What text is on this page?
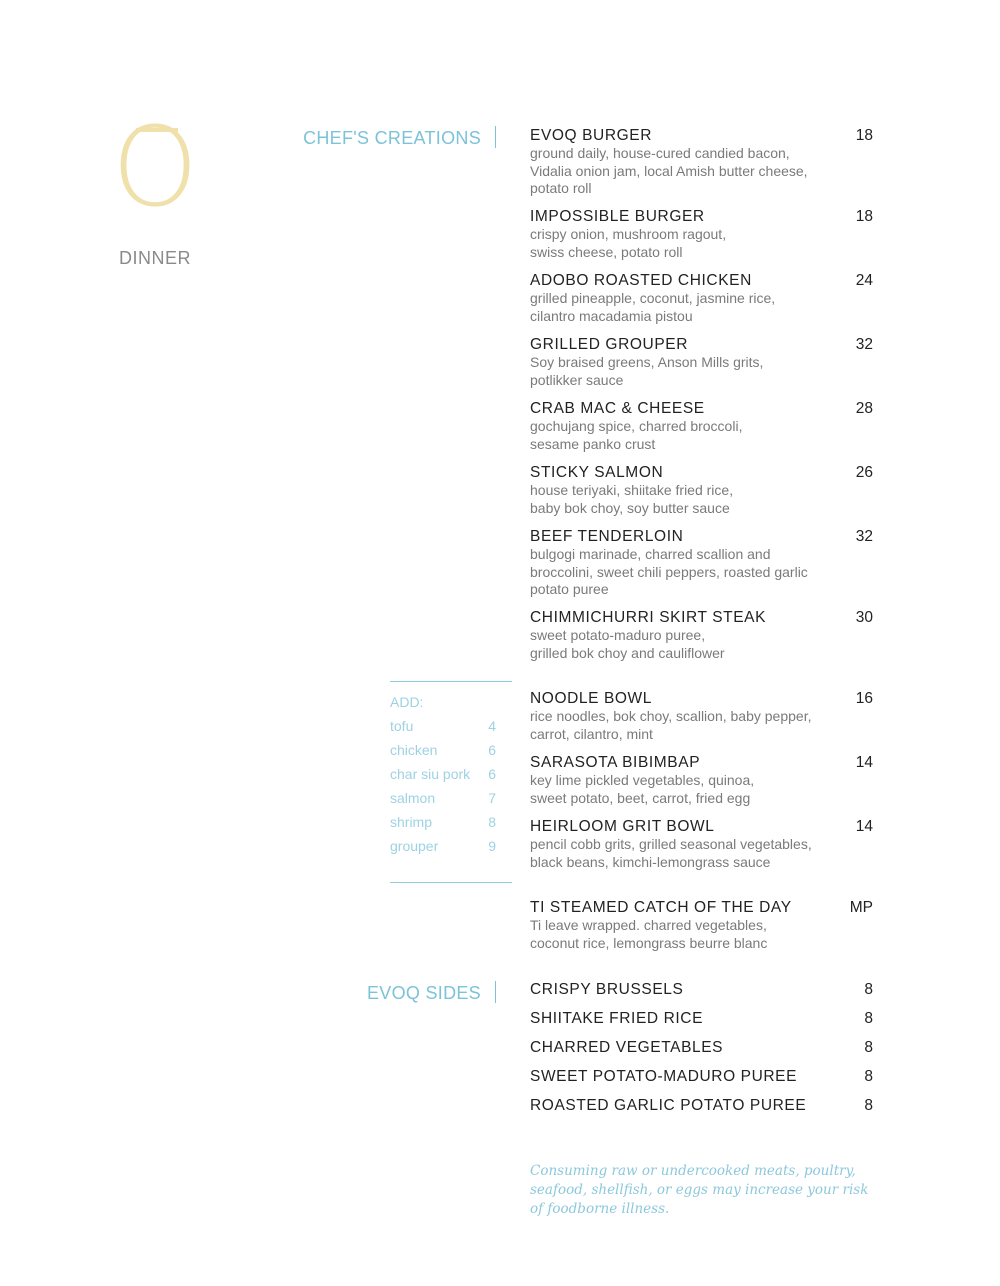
O
DINNER
CHEF'S CREATIONS
EVOQ SIDES
EVOQ BURGER	18
ground daily, house-cured candied bacon,
Vidalia onion jam, local Amish butter cheese,
potato roll
IMPOSSIBLE BURGER	18
crispy onion, mushroom ragout,
swiss cheese, potato roll
ADOBO ROASTED CHICKEN	24
grilled pineapple, coconut, jasmine rice,
cilantro macadamia pistou
GRILLED GROUPER	32
Soy braised greens, Anson Mills grits,
potlikker sauce
CRAB MAC & CHEESE	28
gochujang spice, charred broccoli,
sesame panko crust
STICKY SALMON	26
house teriyaki, shiitake fried rice,
baby bok choy, soy butter sauce
BEEF TENDERLOIN	32
bulgogi marinade, charred scallion and
broccolini, sweet chili peppers, roasted garlic
potato puree
CHIMMICHURRI SKIRT STEAK	30
sweet potato-maduro puree,
grilled bok choy and cauliflower
ADD:
tofu	4
chicken	6
char siu pork 6
salmon	7
shrimp	8
grouper	9
NOODLE BOWL	16
rice noodles, bok choy, scallion, baby pepper,
carrot, cilantro, mint
SARASOTA BIBIMBAP	14
key lime pickled vegetables, quinoa,
sweet potato, beet, carrot, fried egg
HEIRLOOM GRIT BOWL	14
pencil cobb grits, grilled seasonal vegetables,
black beans, kimchi-lemongrass sauce
TI STEAMED CATCH OF THE DAY	MP
Ti leave wrapped. charred vegetables,
coconut rice, lemongrass beurre blanc
CRISPY BRUSSELS	8
SHIITAKE FRIED RICE	8
CHARRED VEGETABLES	8
SWEET POTATO-MADURO PUREE	8
ROASTED GARLIC POTATO PUREE	8
Consuming raw or undercooked meats, poultry,
seafood, shellfish, or eggs may increase your risk
of foodborne illness.
